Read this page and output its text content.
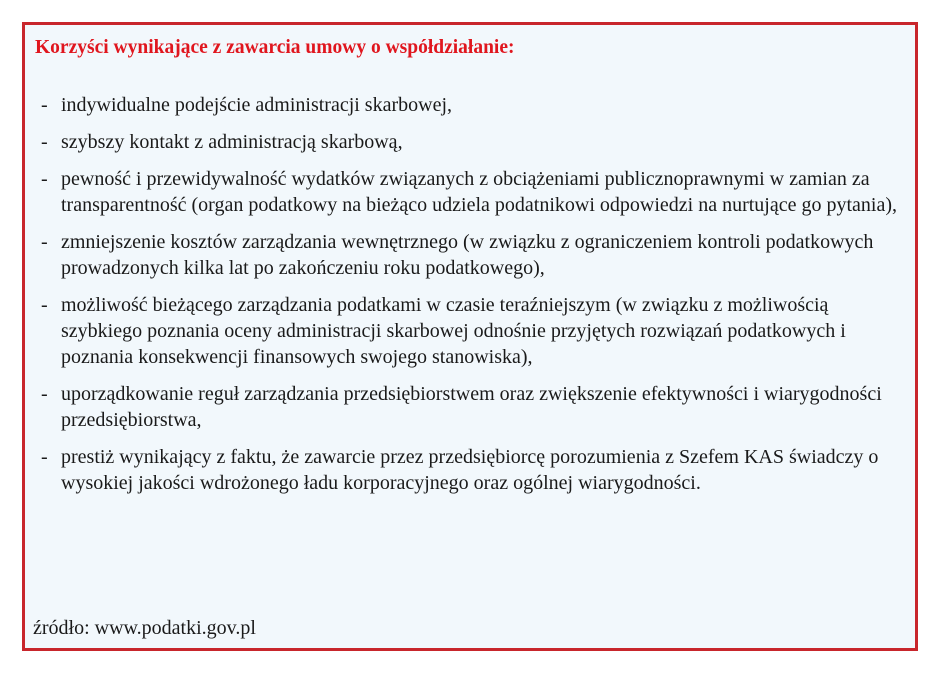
Korzyści wynikające z zawarcia umowy o współdziałanie:
- indywidualne podejście administracji skarbowej,
- szybszy kontakt z administracją skarbową,
- pewność i przewidywalność wydatków związanych z obciążeniami publicznoprawnymi w zamian za transparentność (organ podatkowy na bieżąco udziela podatnikowi odpowiedzi na nurtujące go pytania),
- zmniejszenie kosztów zarządzania wewnętrznego (w związku z ograniczeniem kontroli podatkowych prowadzonych kilka lat po zakończeniu roku podatkowego),
- możliwość bieżącego zarządzania podatkami w czasie teraźniejszym (w związku z możliwością szybkiego poznania oceny administracji skarbowej odnośnie przyjętych rozwiązań podatkowych i poznania konsekwencji finansowych swojego stanowiska),
- uporządkowanie reguł zarządzania przedsiębiorstwem oraz zwiększenie efektywności i wiarygodności przedsiębiorstwa,
- prestiż wynikający z faktu, że zawarcie przez przedsiębiorcę porozumienia z Szefem KAS świadczy o wysokiej jakości wdrożonego ładu korporacyjnego oraz ogólnej wiarygodności.
źródło: www.podatki.gov.pl
